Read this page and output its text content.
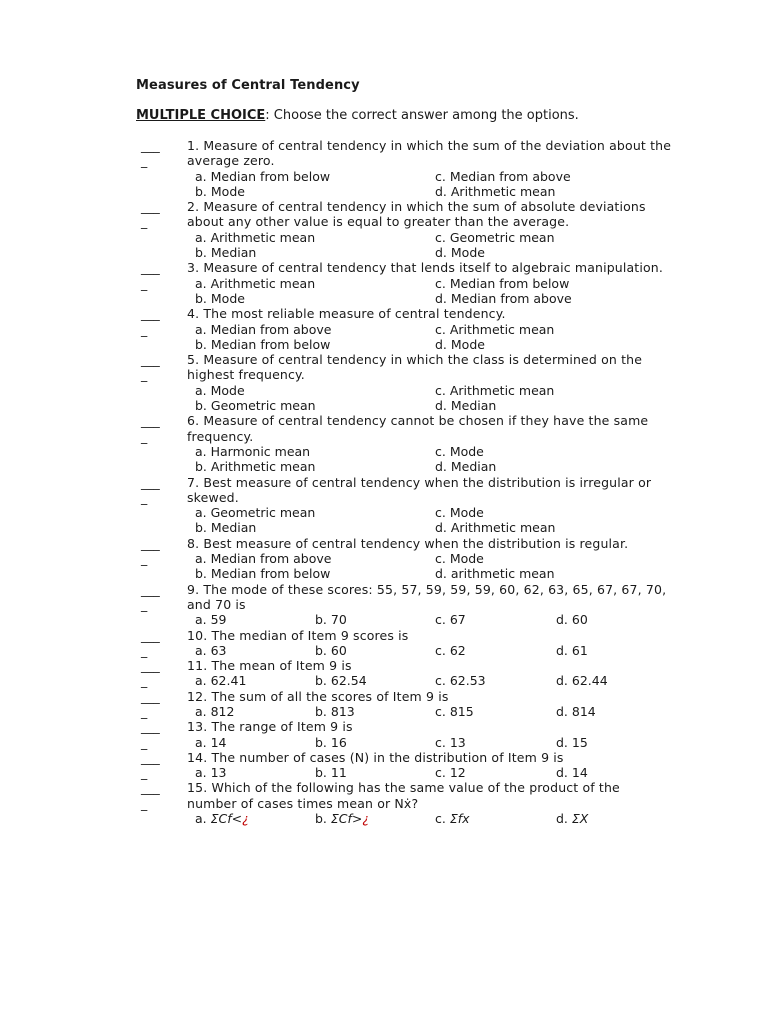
Measures of Central Tendency
MULTIPLE CHOICE: Choose the correct answer among the options.
___
_
1. Measure of central tendency in which the sum of the deviation about the average zero.
a. Median from below	c. Median from above
b. Mode	d. Arithmetic mean
___
_
2. Measure of central tendency in which the sum of absolute deviations about any other value is equal to greater than the average.
a. Arithmetic mean	c. Geometric mean
b. Median	d. Mode
___
_
3. Measure of central tendency that lends itself to algebraic manipulation.
a. Arithmetic mean	c. Median from below
b. Mode	d. Median from above
___
_
4. The most reliable measure of central tendency.
a. Median from above	c. Arithmetic mean
b. Median from below	d. Mode
___
_
5. Measure of central tendency in which the class is determined on the highest frequency.
a. Mode	c. Arithmetic mean
b. Geometric mean	d. Median
___
_
6. Measure of central tendency cannot be chosen if they have the same frequency.
a. Harmonic mean	c. Mode
b. Arithmetic mean	d. Median
___
_
7. Best measure of central tendency when the distribution is irregular or skewed.
a. Geometric mean	c. Mode
b. Median	d. Arithmetic mean
___
_
8. Best measure of central tendency when the distribution is regular.
a. Median from above	c. Mode
b. Median from below	d. arithmetic mean
___
_
9. The mode of these scores: 55, 57, 59, 59, 59, 60, 62, 63, 65, 67, 67, 70, and 70 is
a. 59	b. 70	c. 67	d. 60
___
_
10. The median of Item 9 scores is
a. 63	b. 60	c. 62	d. 61
___
_
11. The mean of Item 9 is
a. 62.41	b. 62.54	c. 62.53	d. 62.44
___
_
12. The sum of all the scores of Item 9 is
a. 812	b. 813	c. 815	d. 814
___
_
13. The range of Item 9 is
a. 14	b. 16	c. 13	d. 15
___
_
14. The number of cases (N) in the distribution of Item 9 is
a. 13	b. 11	c. 12	d. 14
___
_
15. Which of the following has the same value of the product of the number of cases times mean or Nẋ?
a. ΣCf<¿	b. ΣCf>¿	c. Σfx	d. ΣX
